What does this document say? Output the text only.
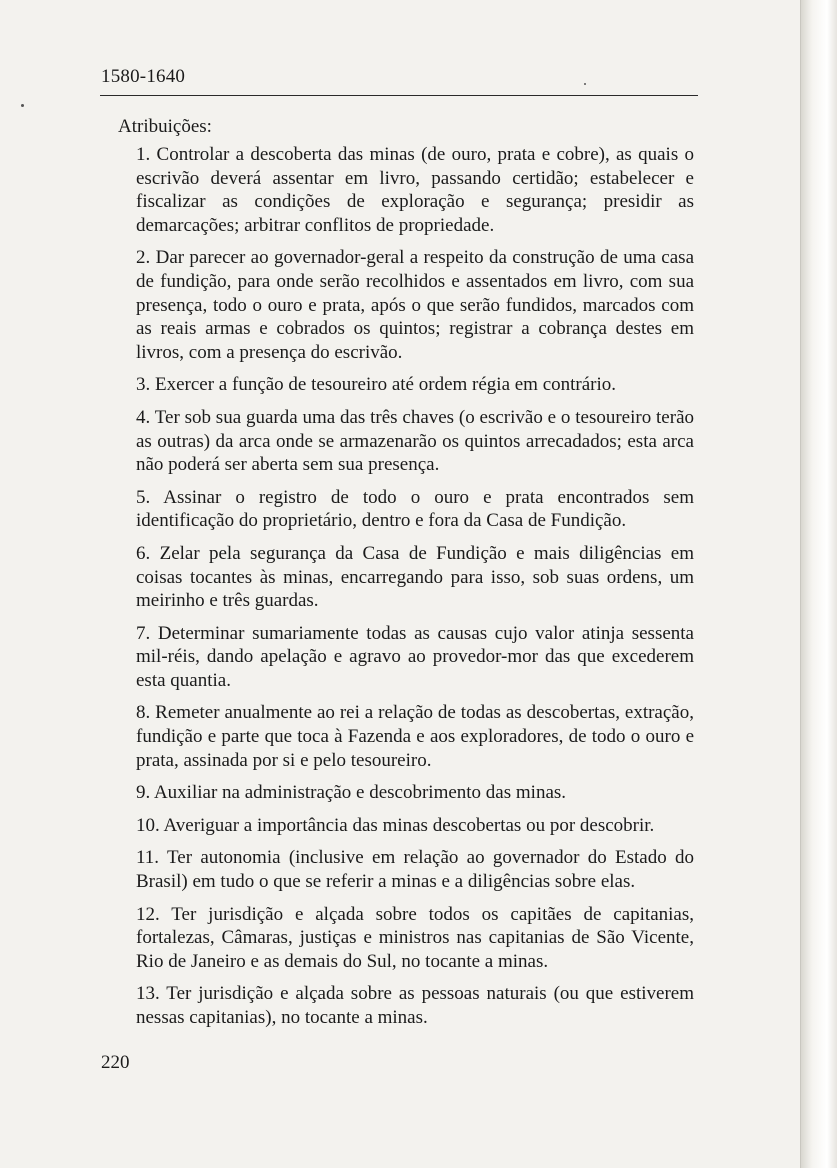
1580-1640

Atribuições:

1. Controlar a descoberta das minas (de ouro, prata e cobre), as quais o escrivão deverá assentar em livro, passando certidão; estabelecer e fiscalizar as condições de exploração e segurança; presidir as demarcações; arbitrar conflitos de propriedade.

2. Dar parecer ao governador-geral a respeito da construção de uma casa de fundição, para onde serão recolhidos e assentados em livro, com sua presença, todo o ouro e prata, após o que serão fundidos, marcados com as reais armas e cobrados os quintos; registrar a cobrança destes em livros, com a presença do escrivão.

3. Exercer a função de tesoureiro até ordem régia em contrário.

4. Ter sob sua guarda uma das três chaves (o escrivão e o tesoureiro terão as outras) da arca onde se armazenarão os quintos arrecadados; esta arca não poderá ser aberta sem sua presença.

5. Assinar o registro de todo o ouro e prata encontrados sem identificação do proprietário, dentro e fora da Casa de Fundição.

6. Zelar pela segurança da Casa de Fundição e mais diligências em coisas tocantes às minas, encarregando para isso, sob suas ordens, um meirinho e três guardas.

7. Determinar sumariamente todas as causas cujo valor atinja sessenta mil-réis, dando apelação e agravo ao provedor-mor das que excederem esta quantia.

8. Remeter anualmente ao rei a relação de todas as descobertas, extração, fundição e parte que toca à Fazenda e aos exploradores, de todo o ouro e prata, assinada por si e pelo tesoureiro.

9. Auxiliar na administração e descobrimento das minas.

10. Averiguar a importância das minas descobertas ou por descobrir.

11. Ter autonomia (inclusive em relação ao governador do Estado do Brasil) em tudo o que se referir a minas e a diligências sobre elas.

12. Ter jurisdição e alçada sobre todos os capitães de capitanias, fortalezas, Câmaras, justiças e ministros nas capitanias de São Vicente, Rio de Janeiro e as demais do Sul, no tocante a minas.

13. Ter jurisdição e alçada sobre as pessoas naturais (ou que estiverem nessas capitanias), no tocante a minas.

220
